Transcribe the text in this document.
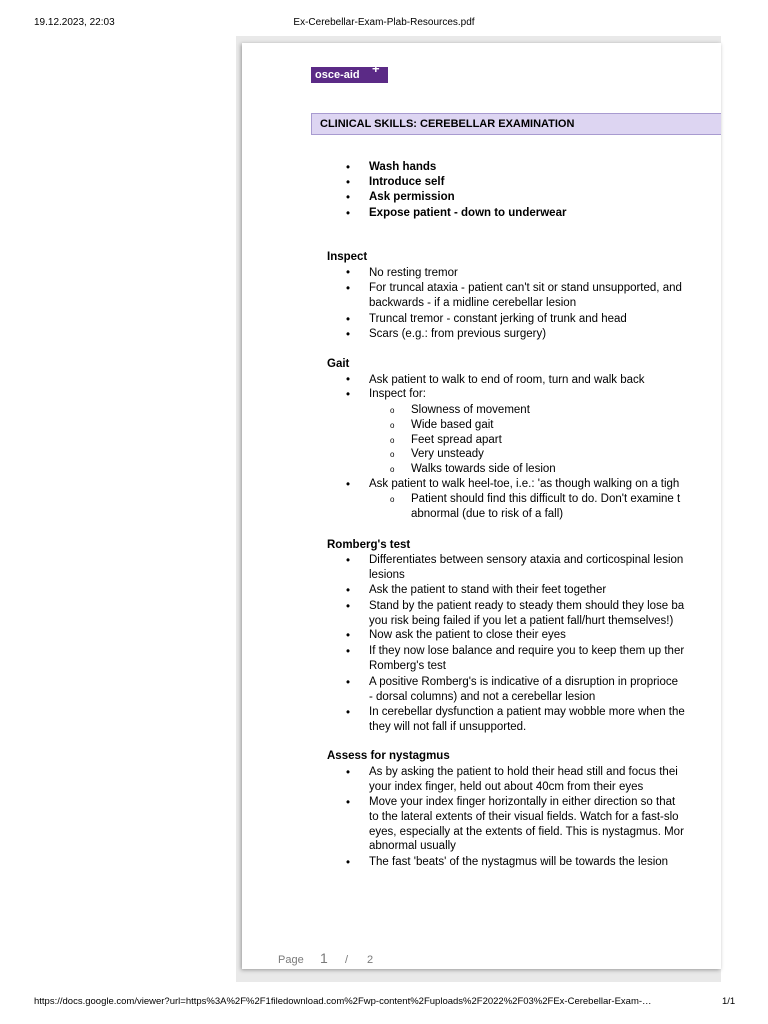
19.12.2023, 22:03	Ex-Cerebellar-Exam-Plab-Resources.pdf
osce-aid +
CLINICAL SKILLS: CEREBELLAR EXAMINATION
• Wash hands
• Introduce self
• Ask permission
• Expose patient - down to underwear
Inspect
• No resting tremor
• For truncal ataxia - patient can't sit or stand unsupported, and
backwards - if a midline cerebellar lesion
• Truncal tremor - constant jerking of trunk and head
• Scars (e.g.: from previous surgery)
Gait
• Ask patient to walk to end of room, turn and walk back
• Inspect for:
o Slowness of movement
o Wide based gait
o Feet spread apart
o Very unsteady
o Walks towards side of lesion
• Ask patient to walk heel-toe, i.e.: 'as though walking on a tigh
o Patient should find this difficult to do. Don't examine t
abnormal (due to risk of a fall)
Romberg's test
• Differentiates between sensory ataxia and corticospinal lesion
lesions
• Ask the patient to stand with their feet together
• Stand by the patient ready to steady them should they lose ba
you risk being failed if you let a patient fall/hurt themselves!)
• Now ask the patient to close their eyes
• If they now lose balance and require you to keep them up ther
Romberg's test
• A positive Romberg's is indicative of a disruption in proprioce
- dorsal columns) and not a cerebellar lesion
• In cerebellar dysfunction a patient may wobble more when the
they will not fall if unsupported.
Assess for nystagmus
• As by asking the patient to hold their head still and focus thei
your index finger, held out about 40cm from their eyes
• Move your index finger horizontally in either direction so that
to the lateral extents of their visual fields. Watch for a fast-slo
eyes, especially at the extents of field. This is nystagmus. Mor
abnormal usually
• The fast 'beats' of the nystagmus will be towards the lesion
Page 1 / 2
https://docs.google.com/viewer?url=https%3A%2F%2F1filedownload.com%2Fwp-content%2Fuploads%2F2022%2F03%2FEx-Cerebellar-Exam-…	1/1
